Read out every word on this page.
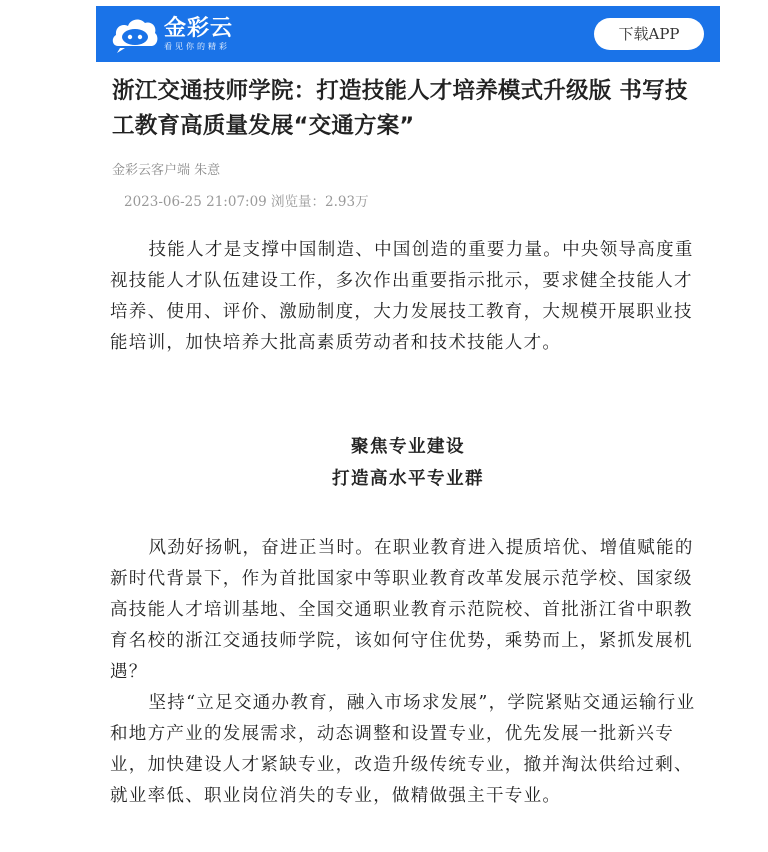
金彩云
看见你的精彩
下载APP
浙江交通技师学院：打造技能人才培养模式升级版 书写技工教育高质量发展“交通方案”
金彩云客户端 朱意
2023-06-25 21:07:09 浏览量：2.93万

技能人才是支撑中国制造、中国创造的重要力量。中央领导高度重视技能人才队伍建设工作，多次作出重要指示批示，要求健全技能人才培养、使用、评价、激励制度，大力发展技工教育，大规模开展职业技能培训，加快培养大批高素质劳动者和技术技能人才。

聚焦专业建设

打造高水平专业群

风劲好扬帆，奋进正当时。在职业教育进入提质培优、增值赋能的新时代背景下，作为首批国家中等职业教育改革发展示范学校、国家级高技能人才培训基地、全国交通职业教育示范院校、首批浙江省中职教育名校的浙江交通技师学院，该如何守住优势，乘势而上，紧抓发展机遇？

坚持“立足交通办教育，融入市场求发展”，学院紧贴交通运输行业和地方产业的发展需求，动态调整和设置专业，优先发展一批新兴专业，加快建设人才紧缺专业，改造升级传统专业，撤并淘汰供给过剩、就业率低、职业岗位消失的专业，做精做强主干专业。
